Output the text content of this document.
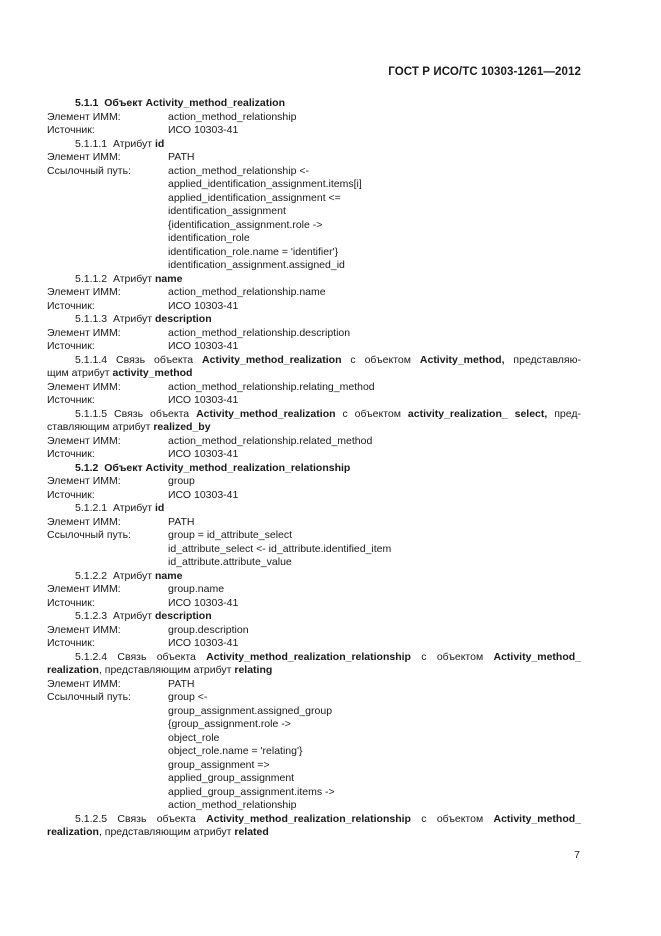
ГОСТ Р ИСО/ТС 10303-1261—2012
5.1.1 Объект Activity_method_realization
Элемент ИММ:	action_method_relationship
Источник:	ИСО 10303-41
5.1.1.1 Атрибут id
Элемент ИММ:	PATH
Ссылочный путь:	action_method_relationship <-
applied_identification_assignment.items[i]
applied_identification_assignment <=
identification_assignment
{identification_assignment.role ->
identification_role
identification_role.name = 'identifier'}
identification_assignment.assigned_id
5.1.1.2 Атрибут name
Элемент ИММ:	action_method_relationship.name
Источник:	ИСО 10303-41
5.1.1.3 Атрибут description
Элемент ИММ:	action_method_relationship.description
Источник:	ИСО 10303-41
5.1.1.4 Связь объекта Activity_method_realization с объектом Activity_method, представляю-
щим атрибут activity_method
Элемент ИММ:	action_method_relationship.relating_method
Источник:	ИСО 10303-41
5.1.1.5 Связь объекта Activity_method_realization с объектом activity_realization_ select, пред-
ставляющим атрибут realized_by
Элемент ИММ:	action_method_relationship.related_method
Источник:	ИСО 10303-41
5.1.2 Объект Activity_method_realization_relationship
Элемент ИММ:	group
Источник:	ИСО 10303-41
5.1.2.1 Атрибут id
Элемент ИММ:	PATH
Ссылочный путь:	group = id_attribute_select
id_attribute_select <- id_attribute.identified_item
id_attribute.attribute_value
5.1.2.2 Атрибут name
Элемент ИММ:	group.name
Источник:	ИСО 10303-41
5.1.2.3 Атрибут description
Элемент ИММ:	group.description
Источник:	ИСО 10303-41
5.1.2.4 Связь объекта Activity_method_realization_relationship с объектом Activity_method_
realization, представляющим атрибут relating
Элемент ИММ:	PATH
Ссылочный путь:	group <-
group_assignment.assigned_group
{group_assignment.role ->
object_role
object_role.name = 'relating'}
group_assignment =>
applied_group_assignment
applied_group_assignment.items ->
action_method_relationship
5.1.2.5 Связь объекта Activity_method_realization_relationship с объектом Activity_method_
realization, представляющим атрибут related
7
